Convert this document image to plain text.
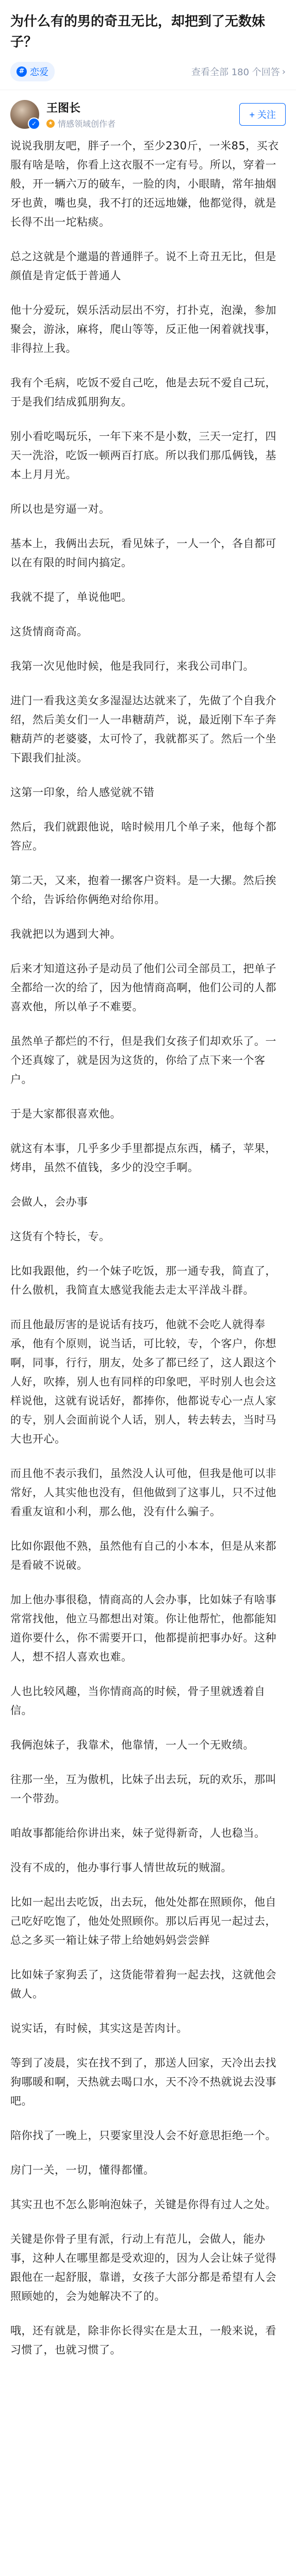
为什么有的男的奇丑无比，却把到了无数妹子？
# 恋爱	查看全部 180 个回答 ›
✓
王图长
★ 情感领域创作者
+ 关注

说说我朋友吧，胖子一个，至少230斤，一米85，买衣服有啥是啥，你看上这衣服不一定有号。所以，穿着一般，开一辆六万的破车，一脸的肉，小眼睛，常年抽烟牙也黄，嘴也臭，我不打的还远地嫌，他都觉得，就是长得不出一坨粘痰。

总之这就是个邋遢的普通胖子。说不上奇丑无比，但是颜值是肯定低于普通人

他十分爱玩，娱乐活动层出不穷，打扑克，泡澡，参加聚会，游泳，麻将，爬山等等，反正他一闲着就找事，非得拉上我。

我有个毛病，吃饭不爱自己吃，他是去玩不爱自己玩，于是我们结成狐朋狗友。

别小看吃喝玩乐，一年下来不是小数，三天一定打，四天一洗浴，吃饭一顿两百打底。所以我们那瓜俩钱，基本上月月光。

所以也是穷逼一对。

基本上，我俩出去玩，看见妹子，一人一个，各自都可以在有限的时间内搞定。

我就不提了，单说他吧。

这货情商奇高。

我第一次见他时候，他是我同行，来我公司串门。

进门一看我这美女多湿湿达达就来了，先做了个自我介绍，然后美女们一人一串糖葫芦，说，最近刚下车子奔糖葫芦的老婆婆，太可怜了，我就都买了。然后一个坐下跟我们扯淡。

这第一印象，给人感觉就不错

然后，我们就跟他说，啥时候用几个单子来，他每个都答应。

第二天，又来，抱着一摞客户资料。是一大摞。然后挨个给，告诉给你俩绝对给你用。

我就把以为遇到大神。

后来才知道这孙子是动员了他们公司全部员工，把单子全都给一次的给了，因为他情商高啊，他们公司的人都喜欢他，所以单子不难要。

虽然单子都烂的不行，但是我们女孩子们却欢乐了。一个还真嫁了，就是因为这货的，你给了点下来一个客户。

于是大家都很喜欢他。

就这有本事，几乎多少手里都提点东西，橘子，苹果，烤串，虽然不值钱，多少的没空手啊。

会做人，会办事

这货有个特长，专。

比如我跟他，约一个妹子吃饭，那一通专我，简直了，什么傲机，我简直太感觉我能去走太平洋战斗群。

而且他最厉害的是说话有技巧，他就不会吃人就得奉承，他有个原则，说当话，可比较，专，个客户，你想啊，同事，行行，朋友，处多了都已经了，这人跟这个人好，吹捧，别人也有同样的印象吧，平时别人也会这样说他，这就有说话好，都捧你，他都说专心一点人家的专，别人会面前说个人话，别人，转去转去，当时马大也开心。

而且他不表示我们，虽然没人认可他，但我是他可以非常好，人其实他也没有，但他做到了这事儿，只不过他看重友谊和小利，那么他，没有什么骗子。

比如你跟他不熟，虽然他有自己的小本本，但是从来都是看破不说破。

加上他办事很稳，情商高的人会办事，比如妹子有啥事常常找他，他立马都想出对策。你让他帮忙，他都能知道你要什么，你不需要开口，他都提前把事办好。这种人，想不招人喜欢也难。

人也比较风趣，当你情商高的时候，骨子里就透着自信。

我俩泡妹子，我靠术，他靠情，一人一个无败绩。

往那一坐，互为傲机，比妹子出去玩，玩的欢乐，那叫一个带劲。

咱故事都能给你讲出来，妹子觉得新奇，人也稳当。

没有不成的，他办事行事人情世故玩的贼溜。

比如一起出去吃饭，出去玩，他处处都在照顾你，他自己吃好吃饱了，他处处照顾你。那以后再见一起过去，总之多买一箱让妹子带上给她妈妈尝尝鲜

比如妹子家狗丢了，这货能带着狗一起去找，这就他会做人。

说实话，有时候，其实这是苦肉计。

等到了凌晨，实在找不到了，那送人回家，天冷出去找狗哪暖和啊，天热就去喝口水，天不冷不热就说去没事吧。

陪你找了一晚上，只要家里没人会不好意思拒绝一个。

房门一关，一切，懂得都懂。

其实丑也不怎么影响泡妹子，关键是你得有过人之处。

关键是你骨子里有派，行动上有范儿，会做人，能办事，这种人在哪里都是受欢迎的，因为人会让妹子觉得跟他在一起舒服，靠谱，女孩子大部分都是希望有人会照顾她的，会为她解决不了的。

哦，还有就是，除非你长得实在是太丑，一般来说，看习惯了，也就习惯了。
